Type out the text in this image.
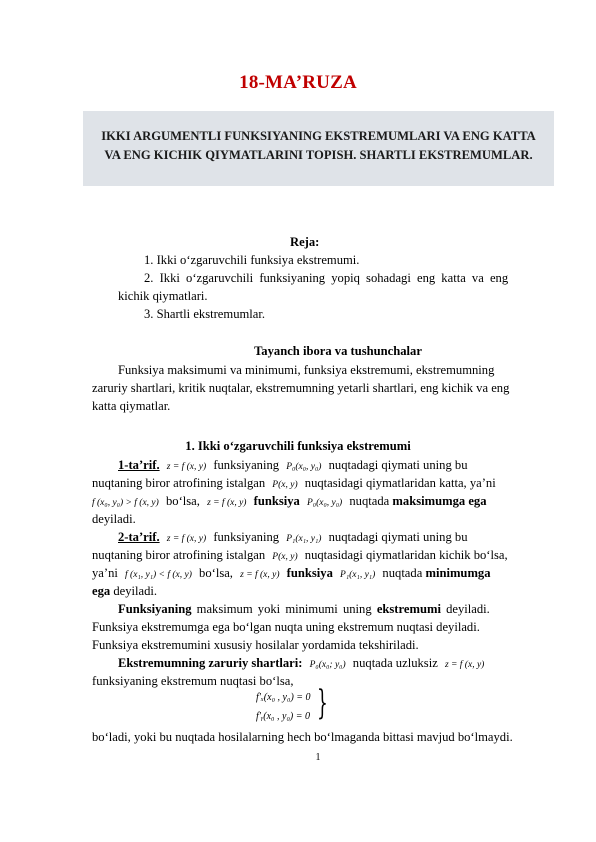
18-MA’RUZA
IKKI ARGUMENTLI FUNKSIYANING EKSTREMUMLARI VA ENG KATTA VA ENG KICHIK QIYMATLARINI TOPISH. SHARTLI EKSTREMUMLAR.
Reja:
1. Ikki o‘zgaruvchili funksiya ekstremumi.
2. Ikki o‘zgaruvchili funksiyaning yopiq sohadagi eng katta va eng
kichik qiymatlari.
3. Shartli ekstremumlar.
Tayanch ibora va tushunchalar
Funksiya maksimumi va minimumi, funksiya ekstremumi, ekstremumning
zaruriy shartlari, kritik nuqtalar, ekstremumning yetarli shartlari, eng kichik va eng
katta qiymatlar.
1. Ikki o‘zgaruvchili funksiya ekstremumi
1-ta’rif. z = f (x, y) funksiyaning P₀(x₀, y₀) nuqtadagi qiymati uning bu
nuqtaning biror atrofining istalgan P(x, y) nuqtasidagi qiymatlaridan katta, ya’ni
f (x₀, y₀) > f (x, y) bo‘lsa, z = f (x, y) funksiya P₀(x₀, y₀) nuqtada maksimumga ega
deyiladi.
2-ta’rif. z = f (x, y) funksiyaning P₁(x₁, y₁) nuqtadagi qiymati uning bu
nuqtaning biror atrofining istalgan P(x, y) nuqtasidagi qiymatlaridan kichik bo‘lsa,
ya’ni f (x₁, y₁) < f (x, y) bo‘lsa, z = f (x, y) funksiya P₁(x₁, y₁) nuqtada minimumga
ega deyiladi.
Funksiyaning maksimum yoki minimumi uning ekstremumi deyiladi.
Funksiya ekstremumga ega bo‘lgan nuqta uning ekstremum nuqtasi deyiladi.
Funksiya ekstremumini xususiy hosilalar yordamida tekshiriladi.
Ekstremumning zaruriy shartlari: P₀(x₀; y₀) nuqtada uzluksiz z = f (x, y)
funksiyaning ekstremum nuqtasi bo‘lsa,
f′ₓ(x₀ , y₀) = 0
f′ᵧ(x₀ , y₀) = 0 }
bo‘ladi, yoki bu nuqtada hosilalarning hech bo‘lmaganda bittasi mavjud bo‘lmaydi.
1
